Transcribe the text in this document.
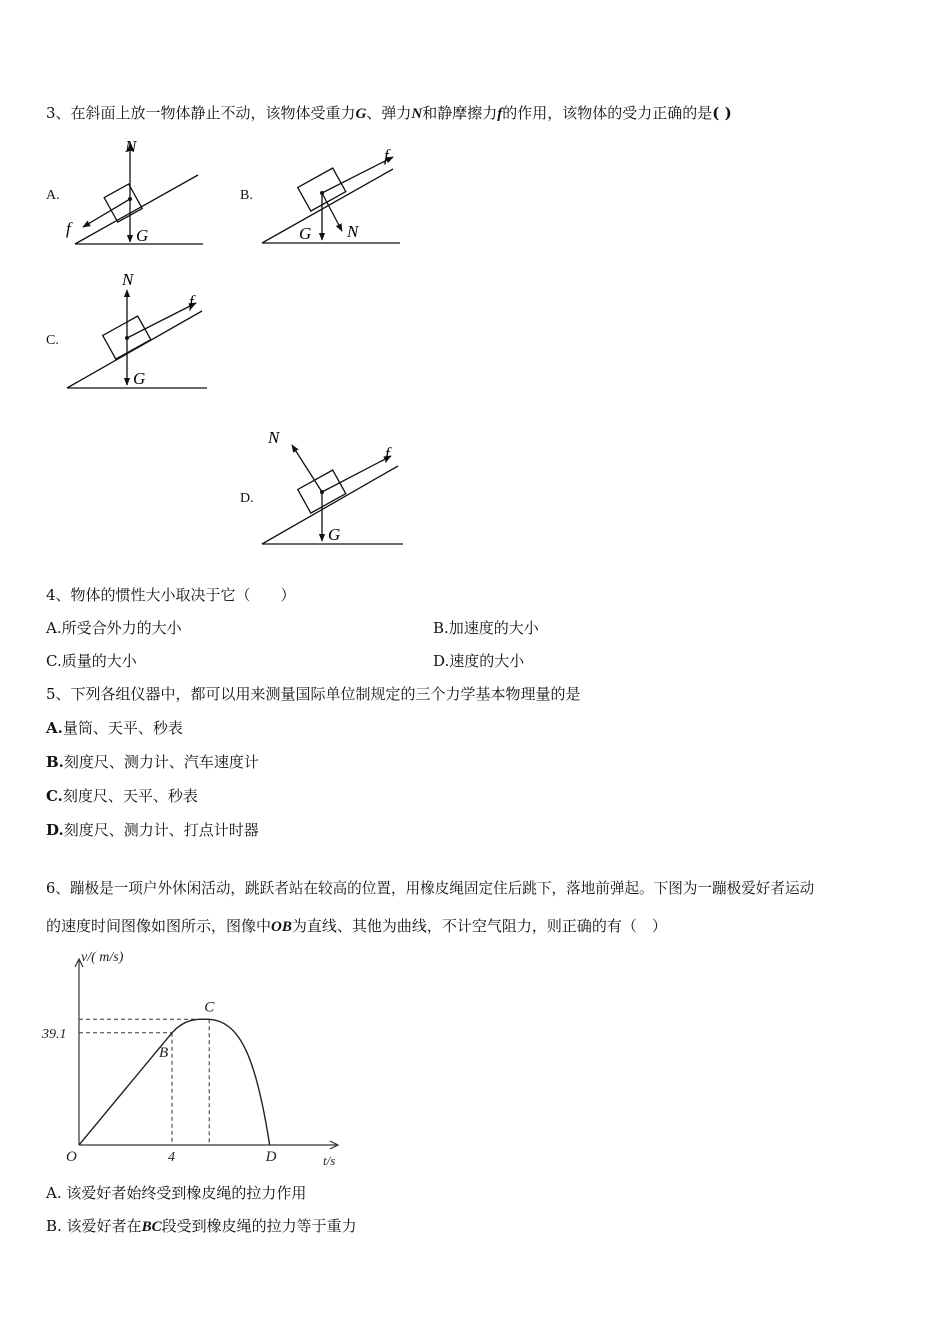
3、在斜面上放一物体静止不动，该物体受重力G、弹力N和静摩擦力f的作用，该物体的受力正确的是( )
A.	B.
C.
D.
N
G
f
f
G N
N
f
G
N
f
G
4、物体的惯性大小取决于它（　　）
A.所受合外力的大小	B.加速度的大小
C.质量的大小	D.速度的大小
5、下列各组仪器中，都可以用来测量国际单位制规定的三个力学基本物理量的是
A.量筒、天平、秒表
B.刻度尺、测力计、汽车速度计
C.刻度尺、天平、秒表
D.刻度尺、测力计、打点计时器
6、蹦极是一项户外休闲活动，跳跃者站在较高的位置，用橡皮绳固定住后跳下，落地前弹起。下图为一蹦极爱好者运动
的速度时间图像如图所示，图像中OB为直线、其他为曲线，不计空气阻力，则正确的有（　）
v/( m/s)
t/s
O	4
39.1
B
C
D
A. 该爱好者始终受到橡皮绳的拉力作用
B. 该爱好者在BC段受到橡皮绳的拉力等于重力
